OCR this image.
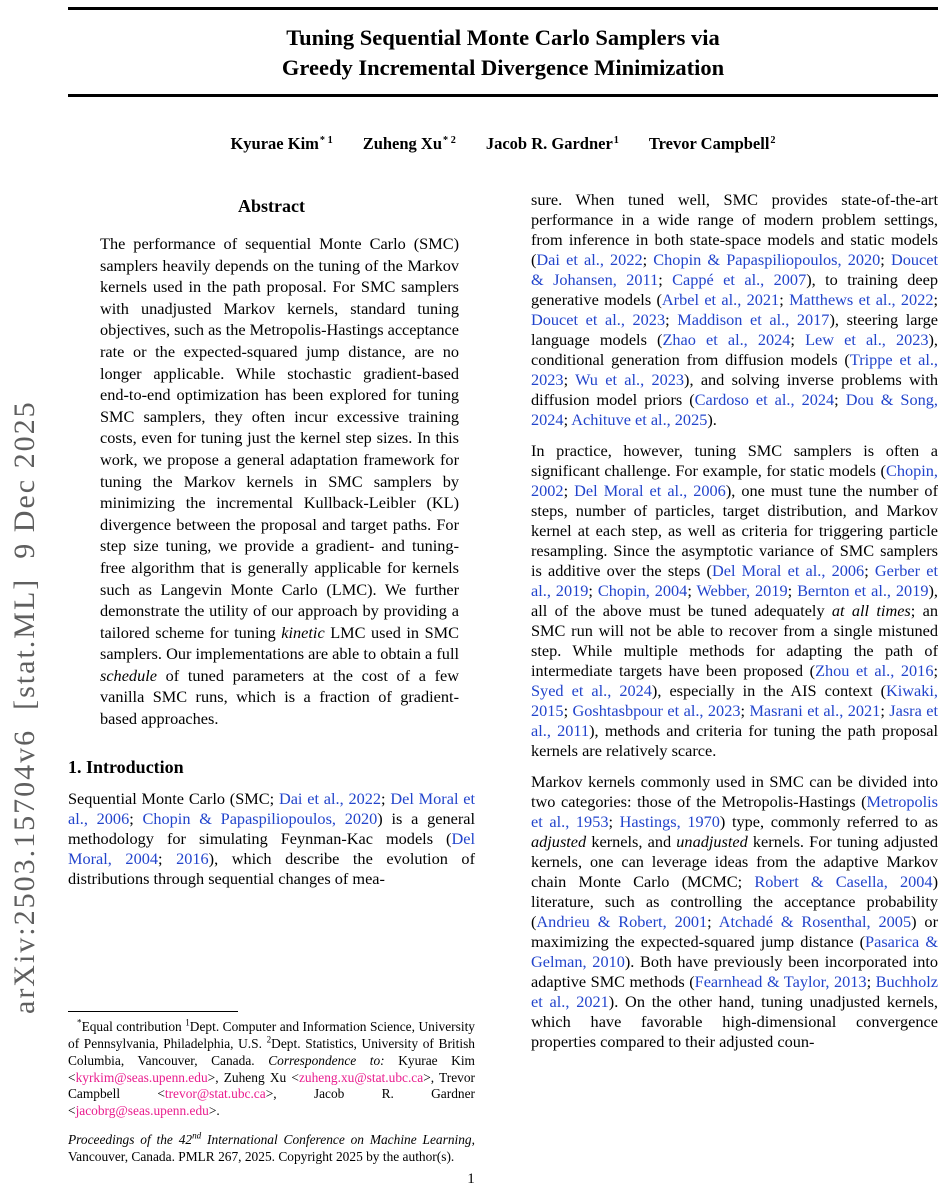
arXiv:2503.15704v6  [stat.ML]  9 Dec 2025
Tuning Sequential Monte Carlo Samplers via
Greedy Incremental Divergence Minimization
Kyurae Kim$^{* 1}$ Zuheng Xu$^{* 2}$ Jacob R. Gardner$^1$ Trevor Campbell$^2$
Abstract

The performance of sequential Monte Carlo (SMC) samplers heavily depends on the tuning of the Markov kernels used in the path proposal. For SMC samplers with unadjusted Markov kernels, standard tuning objectives, such as the Metropolis-Hastings acceptance rate or the expected-squared jump distance, are no longer applicable. While stochastic gradient-based end-to-end optimization has been explored for tuning SMC samplers, they often incur excessive training costs, even for tuning just the kernel step sizes. In this work, we propose a general adaptation framework for tuning the Markov kernels in SMC samplers by minimizing the incremental Kullback-Leibler (KL) divergence between the proposal and target paths. For step size tuning, we provide a gradient- and tuning-free algorithm that is generally applicable for kernels such as Langevin Monte Carlo (LMC). We further demonstrate the utility of our approach by providing a tailored scheme for tuning kinetic LMC used in SMC samplers. Our implementations are able to obtain a full schedule of tuned parameters at the cost of a few vanilla SMC runs, which is a fraction of gradient-based approaches.

1. Introduction

Sequential Monte Carlo (SMC; Dai et al., 2022; Del Moral et al., 2006; Chopin & Papaspiliopoulos, 2020) is a general methodology for simulating Feynman-Kac models (Del Moral, 2004; 2016), which describe the evolution of distributions through sequential changes of mea-

*Equal contribution $^1$Dept. Computer and Information Science, University of Pennsylvania, Philadelphia, U.S. $^2$Dept. Statistics, University of British Columbia, Vancouver, Canada. Correspondence to: Kyurae Kim <kyrkim@seas.upenn.edu>, Zuheng Xu <zuheng.xu@stat.ubc.ca>, Trevor Campbell <trevor@stat.ubc.ca>, Jacob R. Gardner <jacobrg@seas.upenn.edu>.

Proceedings of the 42nd International Conference on Machine Learning, Vancouver, Canada. PMLR 267, 2025. Copyright 2025 by the author(s).

sure. When tuned well, SMC provides state-of-the-art performance in a wide range of modern problem settings, from inference in both state-space models and static models (Dai et al., 2022; Chopin & Papaspiliopoulos, 2020; Doucet & Johansen, 2011; Cappé et al., 2007), to training deep generative models (Arbel et al., 2021; Matthews et al., 2022; Doucet et al., 2023; Maddison et al., 2017), steering large language models (Zhao et al., 2024; Lew et al., 2023), conditional generation from diffusion models (Trippe et al., 2023; Wu et al., 2023), and solving inverse problems with diffusion model priors (Cardoso et al., 2024; Dou & Song, 2024; Achituve et al., 2025).

In practice, however, tuning SMC samplers is often a significant challenge. For example, for static models (Chopin, 2002; Del Moral et al., 2006), one must tune the number of steps, number of particles, target distribution, and Markov kernel at each step, as well as criteria for triggering particle resampling. Since the asymptotic variance of SMC samplers is additive over the steps (Del Moral et al., 2006; Gerber et al., 2019; Chopin, 2004; Webber, 2019; Bernton et al., 2019), all of the above must be tuned adequately at all times; an SMC run will not be able to recover from a single mistuned step. While multiple methods for adapting the path of intermediate targets have been proposed (Zhou et al., 2016; Syed et al., 2024), especially in the AIS context (Kiwaki, 2015; Goshtasbpour et al., 2023; Masrani et al., 2021; Jasra et al., 2011), methods and criteria for tuning the path proposal kernels are relatively scarce.

Markov kernels commonly used in SMC can be divided into two categories: those of the Metropolis-Hastings (Metropolis et al., 1953; Hastings, 1970) type, commonly referred to as adjusted kernels, and unadjusted kernels. For tuning adjusted kernels, one can leverage ideas from the adaptive Markov chain Monte Carlo (MCMC; Robert & Casella, 2004) literature, such as controlling the acceptance probability (Andrieu & Robert, 2001; Atchadé & Rosenthal, 2005) or maximizing the expected-squared jump distance (Pasarica & Gelman, 2010). Both have previously been incorporated into adaptive SMC methods (Fearnhead & Taylor, 2013; Buchholz et al., 2021). On the other hand, tuning unadjusted kernels, which have favorable high-dimensional convergence properties compared to their adjusted coun-

1
